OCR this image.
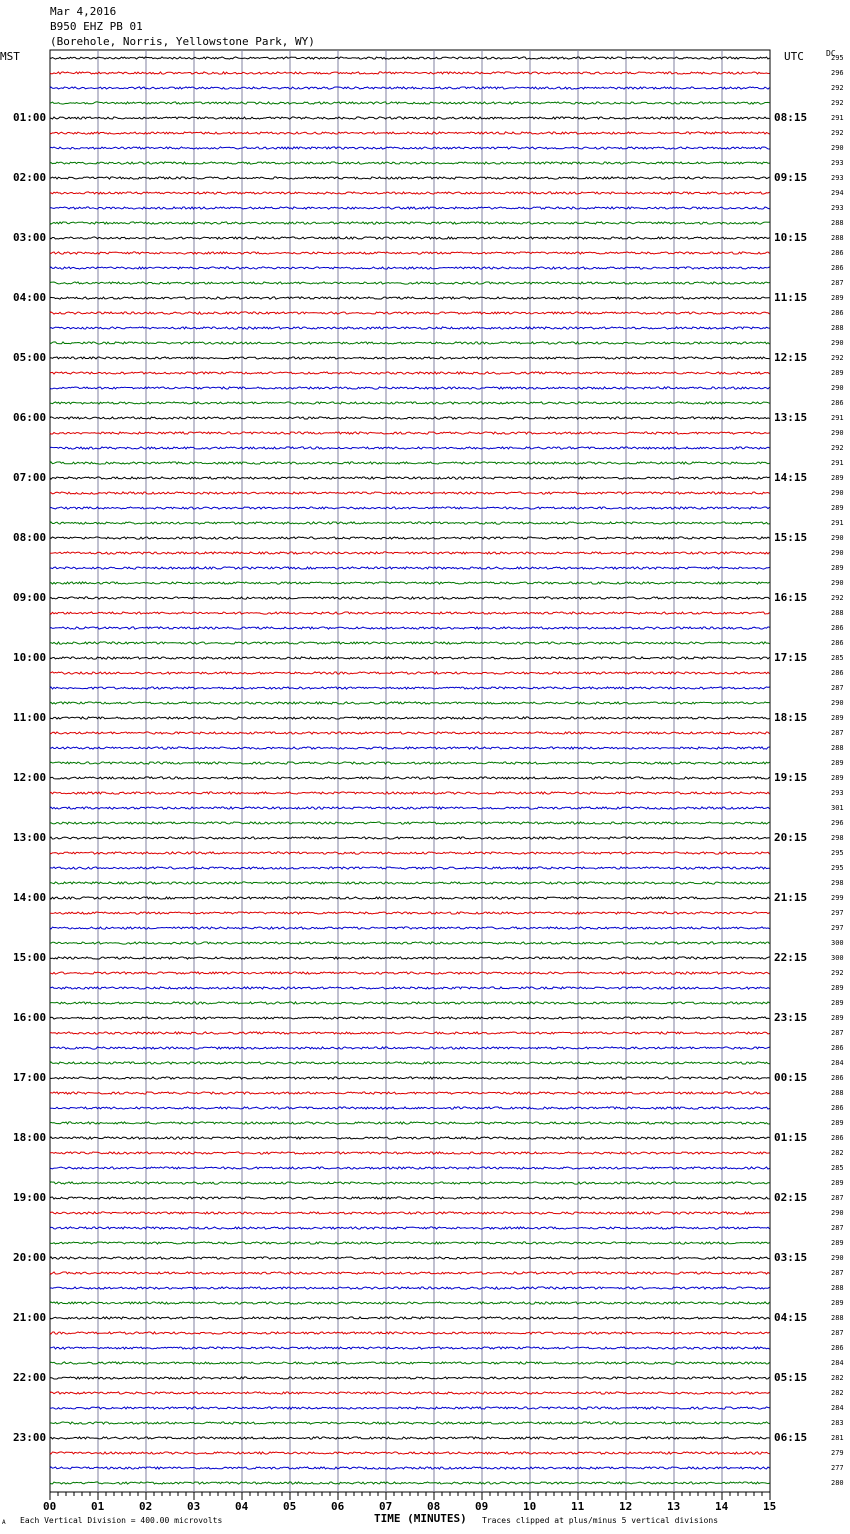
Mar 4,2016
B950 EHZ PB 01
(Borehole, Norris, Yellowstone Park, WY)
MST	UTC	DC
00	01	02	03	04	05	06	07	08	09	10	11	12	13	14	15
01:00
02:00
03:00
04:00
05:00
06:00
07:00
08:00
09:00
10:00
11:00
12:00
13:00
14:00
15:00
16:00
17:00
18:00
19:00
20:00
21:00
22:00
23:00
08:15
09:15
10:15
11:15
12:15
13:15
14:15
15:15
16:15
17:15
18:15
19:15
20:15
21:15
22:15
23:15
00:15
01:15
02:15
03:15
04:15
05:15
06:15
295
296
292
292
291
292
290
293
293
294
293
288
288
286
286
287
289
286
288
290
292
289
290
286
291
290
292
291
289
290
289
291
290
290
289
290
292
288
286
286
285
286
287
290
289
287
288
289
289
293
301
296
298
295
295
298
299
297
297
300
300
292
289
289
289
287
286
284
286
288
286
289
286
282
285
289
287
290
287
289
290
287
288
289
288
287
286
284
282
282
284
283
281
279
277
280
TIME (MINUTES)
A Each Vertical Division = 400.00 microvolts	Traces clipped at plus/minus 5 vertical divisions
